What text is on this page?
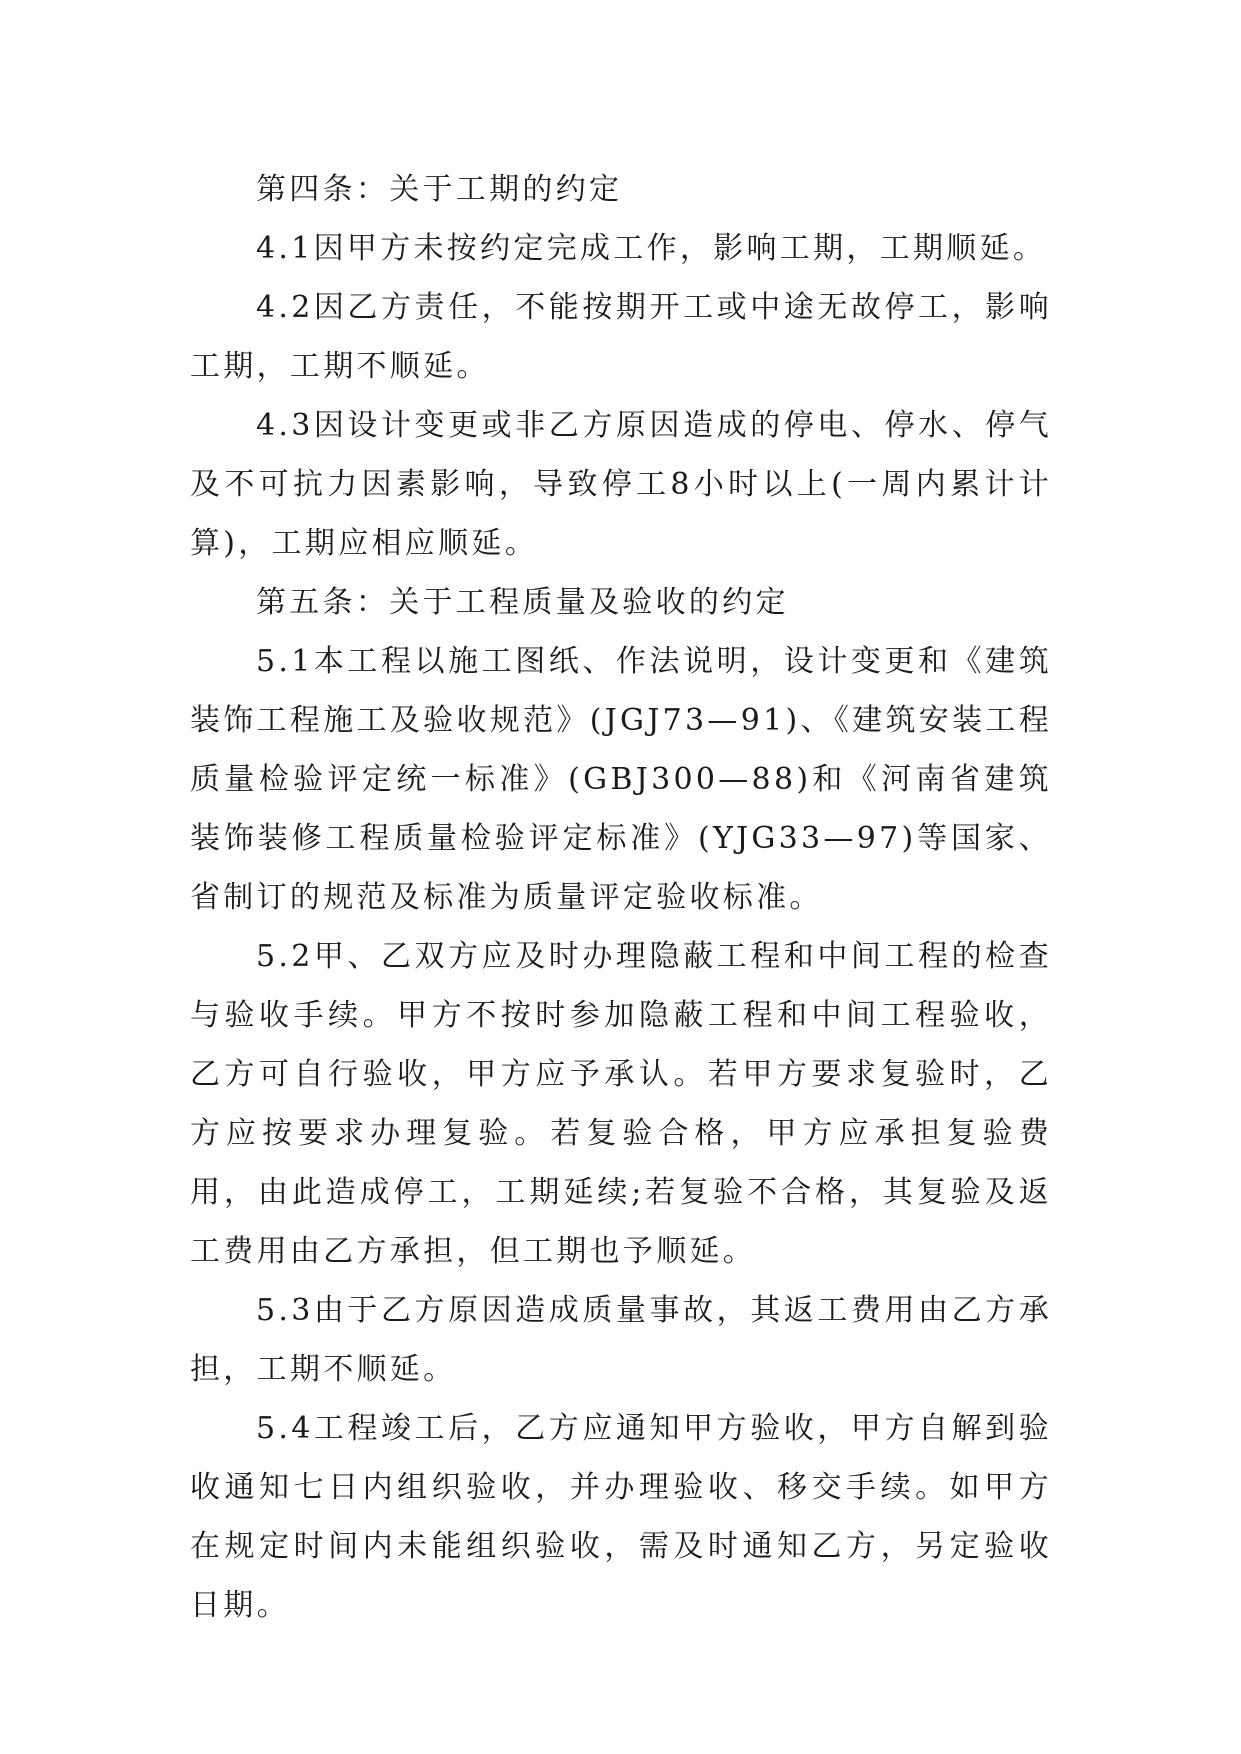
第四条：关于工期的约定

4.1因甲方未按约定完成工作，影响工期，工期顺延。

4.2因乙方责任，不能按期开工或中途无故停工，影响工期，工期不顺延。

4.3因设计变更或非乙方原因造成的停电、停水、停气及不可抗力因素影响，导致停工8小时以上(一周内累计计算)，工期应相应顺延。

第五条：关于工程质量及验收的约定

5.1本工程以施工图纸、作法说明，设计变更和《建筑装饰工程施工及验收规范》(JGJ73—91)、《建筑安装工程质量检验评定统一标准》(GBJ300—88)和《河南省建筑装饰装修工程质量检验评定标准》(YJG33—97)等国家、省制订的规范及标准为质量评定验收标准。

5.2甲、乙双方应及时办理隐蔽工程和中间工程的检查与验收手续。甲方不按时参加隐蔽工程和中间工程验收，乙方可自行验收，甲方应予承认。若甲方要求复验时，乙方应按要求办理复验。若复验合格，甲方应承担复验费用，由此造成停工，工期延续;若复验不合格，其复验及返工费用由乙方承担，但工期也予顺延。

5.3由于乙方原因造成质量事故，其返工费用由乙方承担，工期不顺延。

5.4工程竣工后，乙方应通知甲方验收，甲方自解到验收通知七日内组织验收，并办理验收、移交手续。如甲方在规定时间内未能组织验收，需及时通知乙方，另定验收日期。
